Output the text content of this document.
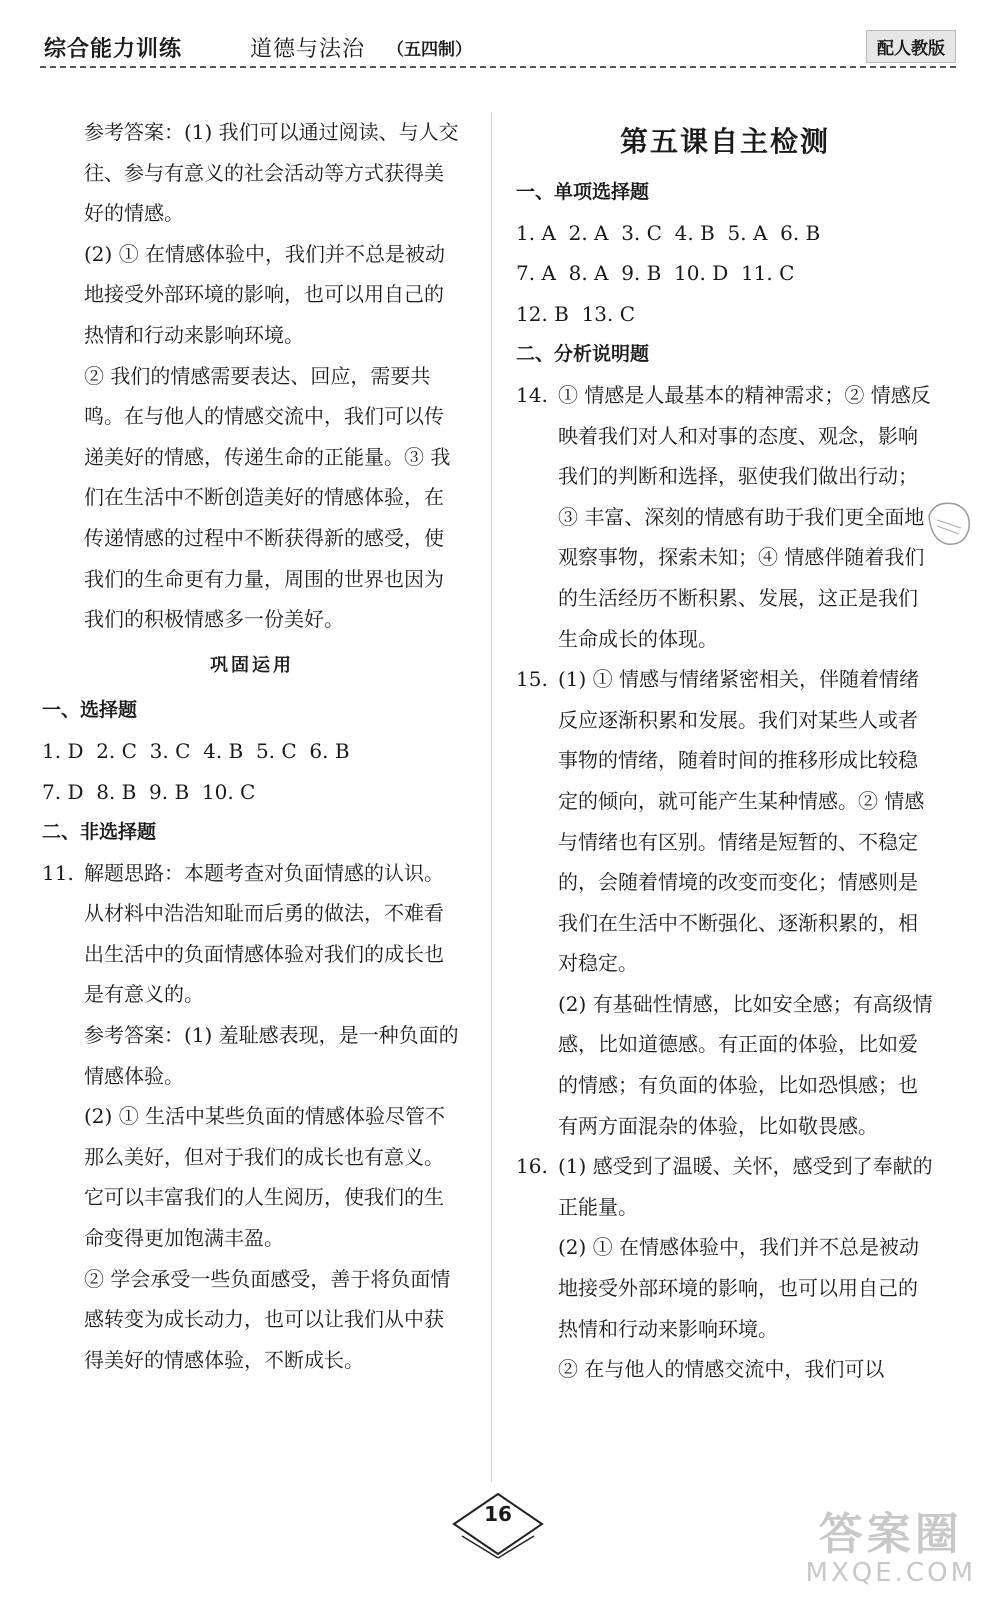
综合能力训练	道德与法治 （五四制）	配人教版

参考答案：(1) 我们可以通过阅读、与人交往、参与有意义的社会活动等方式获得美好的情感。

(2) ① 在情感体验中，我们并不总是被动地接受外部环境的影响，也可以用自己的热情和行动来影响环境。

② 我们的情感需要表达、回应，需要共鸣。在与他人的情感交流中，我们可以传递美好的情感，传递生命的正能量。③ 我们在生活中不断创造美好的情感体验，在传递情感的过程中不断获得新的感受，使我们的生命更有力量，周围的世界也因为我们的积极情感多一份美好。

巩固运用
一、选择题
1. D  2. C  3. C  4. B  5. C  6. B
7. D  8. B  9. B  10. C
二、非选择题
11. 解题思路：本题考查对负面情感的认识。从材料中浩浩知耻而后勇的做法，不难看出生活中的负面情感体验对我们的成长也是有意义的。

参考答案：(1) 羞耻感表现，是一种负面的情感体验。

(2) ① 生活中某些负面的情感体验尽管不那么美好，但对于我们的成长也有意义。它可以丰富我们的人生阅历，使我们的生命变得更加饱满丰盈。

② 学会承受一些负面感受，善于将负面情感转变为成长动力，也可以让我们从中获得美好的情感体验，不断成长。

第五课自主检测
一、单项选择题
1. A  2. A  3. C  4. B  5. A  6. B
7. A  8. A  9. B  10. D  11. C
12. B  13. C
二、分析说明题
14. ① 情感是人最基本的精神需求；② 情感反映着我们对人和对事的态度、观念，影响我们的判断和选择，驱使我们做出行动；③ 丰富、深刻的情感有助于我们更全面地观察事物，探索未知；④ 情感伴随着我们的生活经历不断积累、发展，这正是我们生命成长的体现。
15. (1) ① 情感与情绪紧密相关，伴随着情绪反应逐渐积累和发展。我们对某些人或者事物的情绪，随着时间的推移形成比较稳定的倾向，就可能产生某种情感。② 情感与情绪也有区别。情绪是短暂的、不稳定的，会随着情境的改变而变化；情感则是我们在生活中不断强化、逐渐积累的，相对稳定。

(2) 有基础性情感，比如安全感；有高级情感，比如道德感。有正面的体验，比如爱的情感；有负面的体验，比如恐惧感；也有两方面混杂的体验，比如敬畏感。

16. (1) 感受到了温暖、关怀，感受到了奉献的正能量。

(2) ① 在情感体验中，我们并不总是被动地接受外部环境的影响，也可以用自己的热情和行动来影响环境。

② 在与他人的情感交流中，我们可以

16	答案圈
MXQE.COM
